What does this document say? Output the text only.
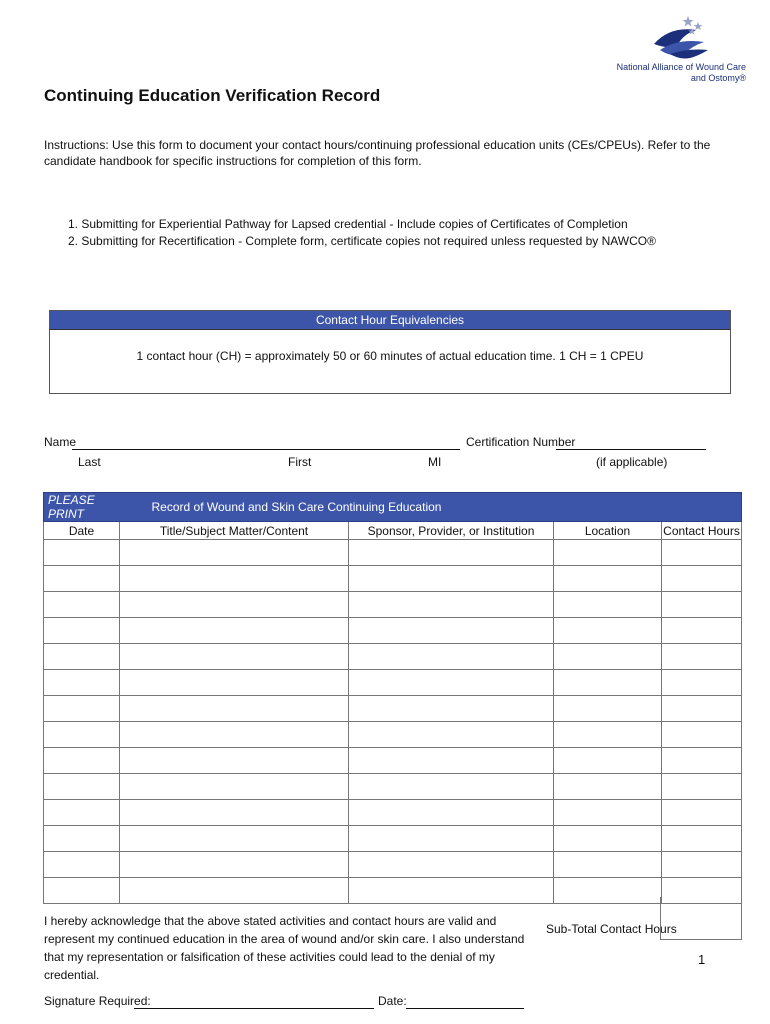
National Alliance of Wound Care
and Ostomy®
Continuing Education Verification Record
Instructions: Use this form to document your contact hours/continuing professional education units (CEs/CPEUs). Refer to the candidate handbook for specific instructions for completion of this form.
1. Submitting for Experiential Pathway for Lapsed credential - Include copies of Certificates of Completion
2. Submitting for Recertification - Complete form, certificate copies not required unless requested by NAWCO®
Contact Hour Equivalencies
1 contact hour (CH) = approximately 50 or 60 minutes of actual education time. 1 CH = 1 CPEU
Name	Certification Number
Last	First	MI	(if applicable)
PLEASE PRINT	Record of Wound and Skin Care Continuing Education			
Date	Title/Subject Matter/Content	Sponsor, Provider, or Institution	Location	Contact Hours

I hereby acknowledge that the above stated activities and contact hours are valid and represent my continued education in the area of wound and/or skin care. I also understand that my representation or falsification of these activities could lead to the denial of my credential.
Sub-Total Contact Hours
1
Signature Required:	Date:
